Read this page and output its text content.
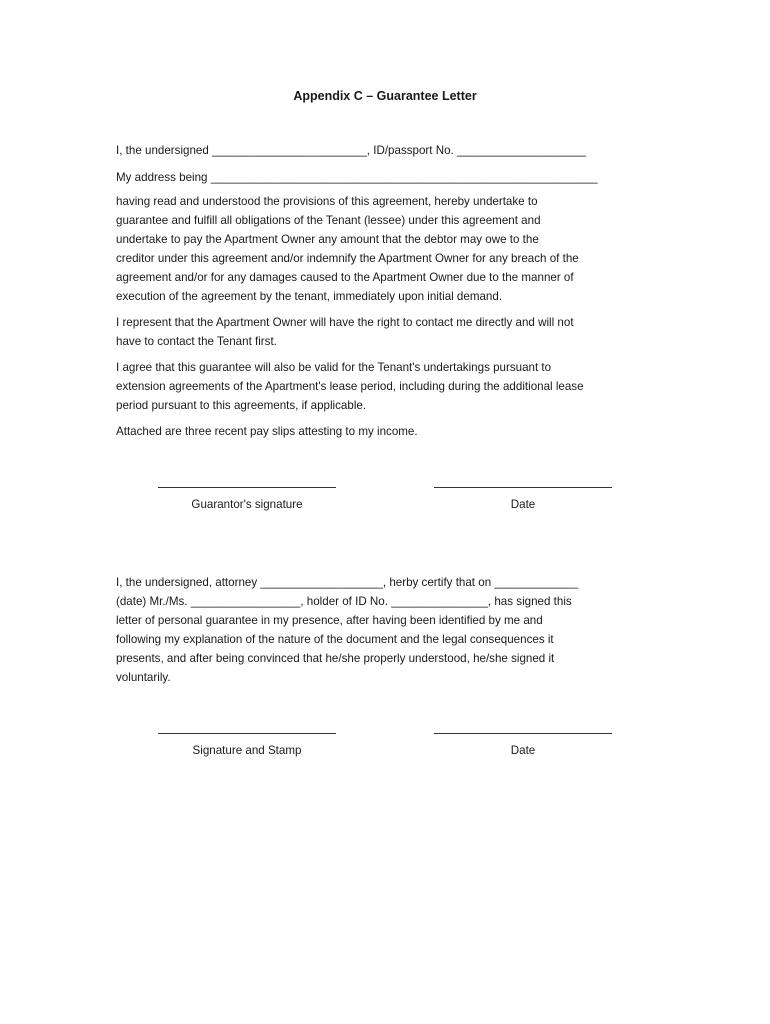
Appendix C – Guarantee Letter

I, the undersigned ________________________, ID/passport No. ____________________

My address being ____________________________________________________________

having read and understood the provisions of this agreement, hereby undertake to
guarantee and fulfill all obligations of the Tenant (lessee) under this agreement and
undertake to pay the Apartment Owner any amount that the debtor may owe to the
creditor under this agreement and/or indemnify the Apartment Owner for any breach of the
agreement and/or for any damages caused to the Apartment Owner due to the manner of
execution of the agreement by the tenant, immediately upon initial demand.

I represent that the Apartment Owner will have the right to contact me directly and will not
have to contact the Tenant first.

I agree that this guarantee will also be valid for the Tenant's undertakings pursuant to
extension agreements of the Apartment's lease period, including during the additional lease
period pursuant to this agreements, if applicable.

Attached are three recent pay slips attesting to my income.

Guarantor's signature	Date

I, the undersigned, attorney ___________________, herby certify that on _____________
(date) Mr./Ms. _________________, holder of ID No. _______________, has signed this
letter of personal guarantee in my presence, after having been identified by me and
following my explanation of the nature of the document and the legal consequences it
presents, and after being convinced that he/she properly understood, he/she signed it
voluntarily.

Signature and Stamp	Date
